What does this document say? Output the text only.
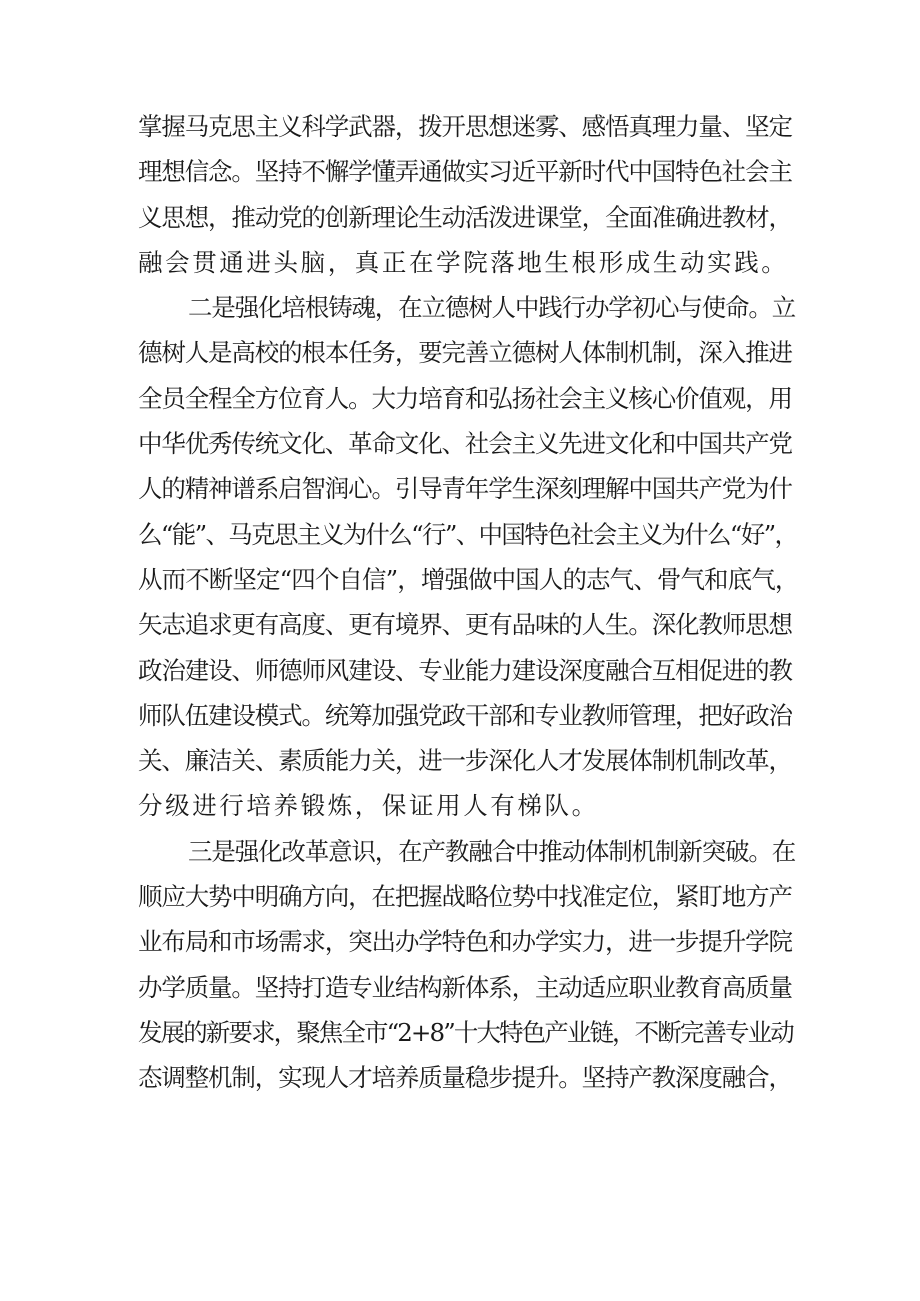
掌握马克思主义科学武器，拨开思想迷雾、感悟真理力量、坚定
理想信念。坚持不懈学懂弄通做实习近平新时代中国特色社会主
义思想，推动党的创新理论生动活泼进课堂，全面准确进教材，
融会贯通进头脑，真正在学院落地生根形成生动实践。
二是强化培根铸魂，在立德树人中践行办学初心与使命。立
德树人是高校的根本任务，要完善立德树人体制机制，深入推进
全员全程全方位育人。大力培育和弘扬社会主义核心价值观，用
中华优秀传统文化、革命文化、社会主义先进文化和中国共产党
人的精神谱系启智润心。引导青年学生深刻理解中国共产党为什
么“能”、马克思主义为什么“行”、中国特色社会主义为什么“好”，
从而不断坚定“四个自信”，增强做中国人的志气、骨气和底气，
矢志追求更有高度、更有境界、更有品味的人生。深化教师思想
政治建设、师德师风建设、专业能力建设深度融合互相促进的教
师队伍建设模式。统筹加强党政干部和专业教师管理，把好政治
关、廉洁关、素质能力关，进一步深化人才发展体制机制改革，
分级进行培养锻炼，保证用人有梯队。
三是强化改革意识，在产教融合中推动体制机制新突破。在
顺应大势中明确方向，在把握战略位势中找准定位，紧盯地方产
业布局和市场需求，突出办学特色和办学实力，进一步提升学院
办学质量。坚持打造专业结构新体系，主动适应职业教育高质量
发展的新要求，聚焦全市“2+8”十大特色产业链，不断完善专业动
态调整机制，实现人才培养质量稳步提升。坚持产教深度融合，
